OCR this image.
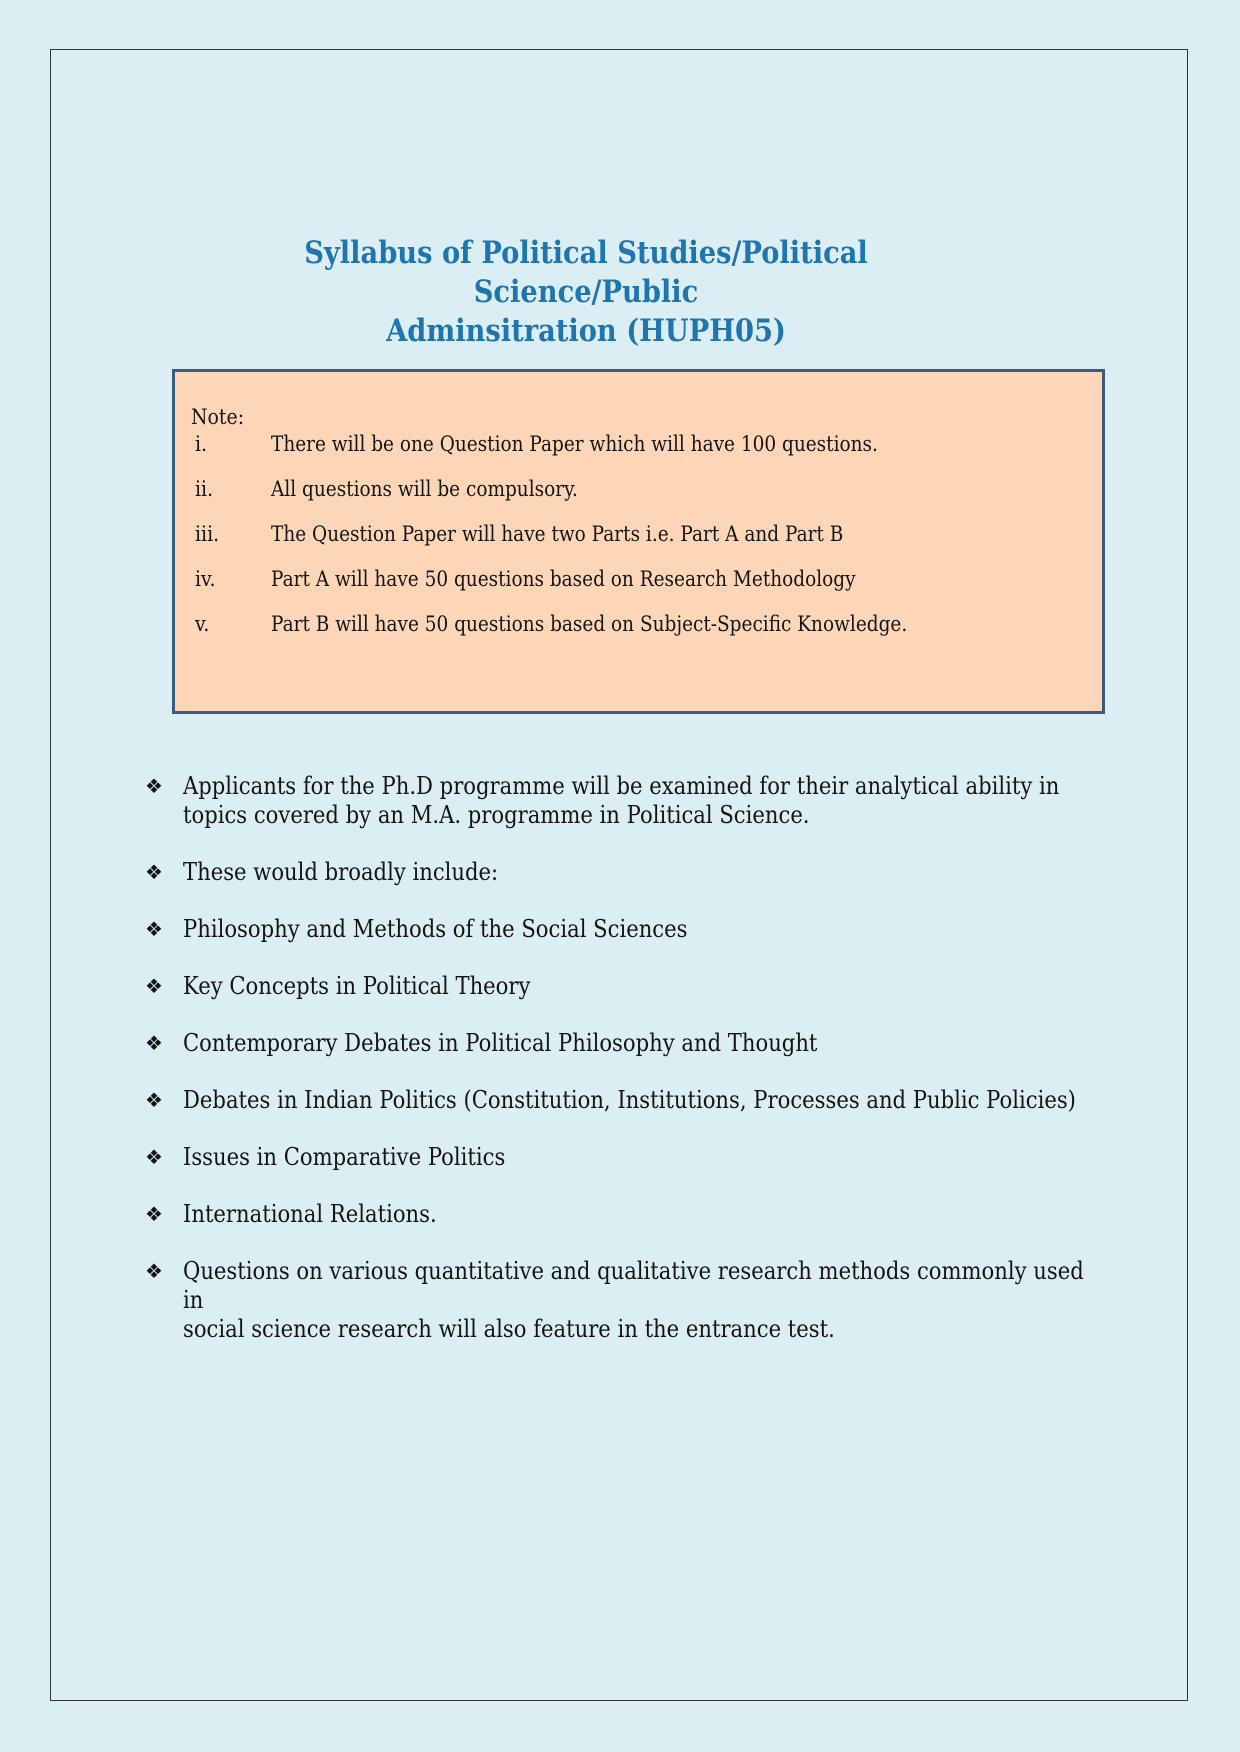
Syllabus of Political Studies/Political Science/Public
Adminsitration (HUPH05)
Note:
i.	There will be one Question Paper which will have 100 questions.
ii.	All questions will be compulsory.
iii. The Question Paper will have two Parts i.e. Part A and Part B
iv.	Part A will have 50 questions based on Research Methodology
v.	Part B will have 50 questions based on Subject-Specific Knowledge.
❖ Applicants for the Ph.D programme will be examined for their analytical ability in
topics covered by an M.A. programme in Political Science.
❖ These would broadly include:
❖ Philosophy and Methods of the Social Sciences
❖ Key Concepts in Political Theory
❖ Contemporary Debates in Political Philosophy and Thought
❖ Debates in Indian Politics (Constitution, Institutions, Processes and Public Policies)
❖ Issues in Comparative Politics
❖ International Relations.
❖ Questions on various quantitative and qualitative research methods commonly used in
social science research will also feature in the entrance test.
